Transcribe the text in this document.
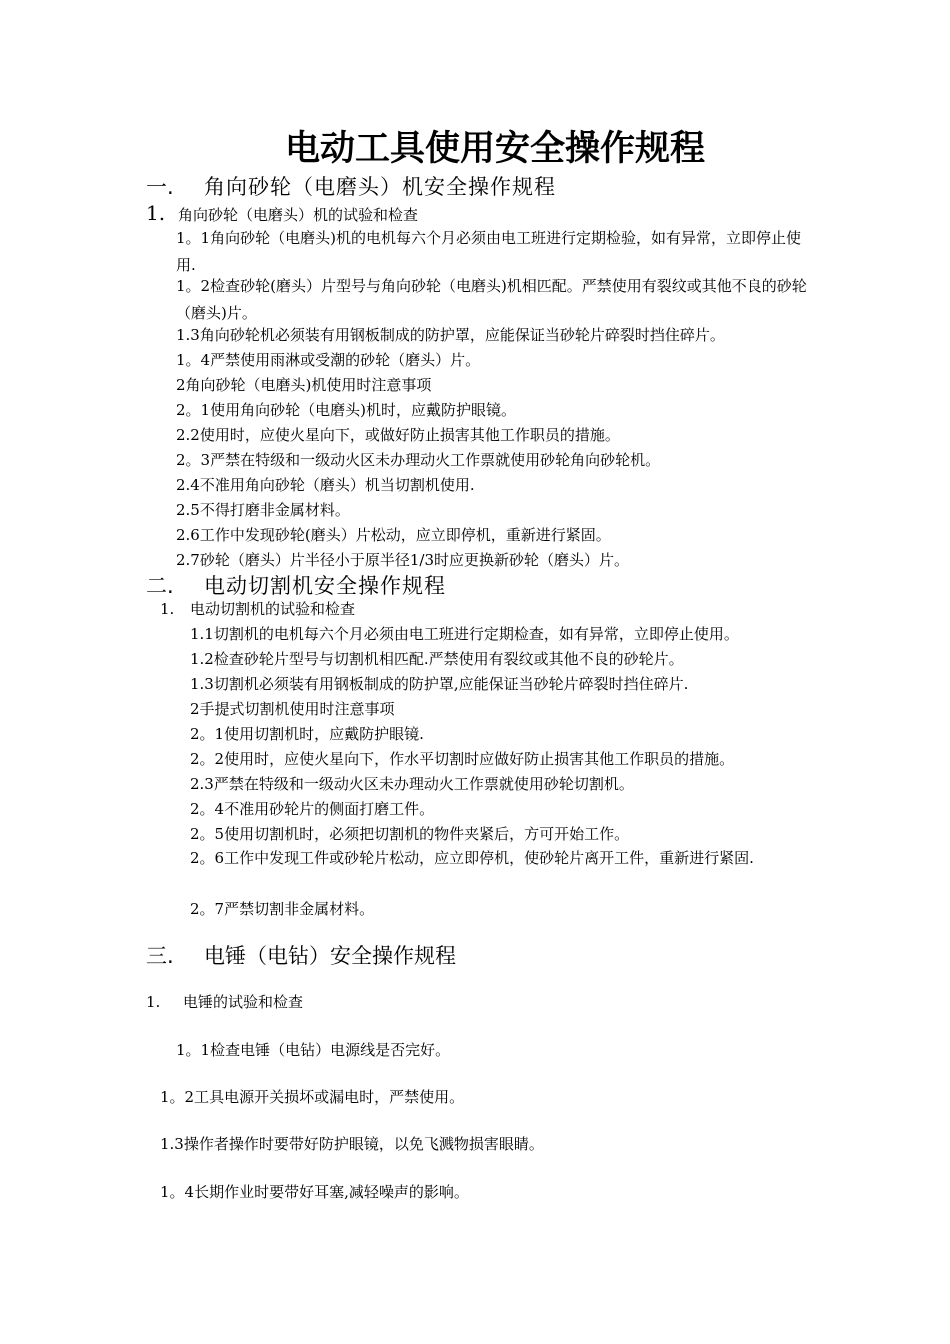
电动工具使用安全操作规程
一. 角向砂轮（电磨头）机安全操作规程
1. 角向砂轮（电磨头）机的试验和检查
1。1角向砂轮（电磨头)机的电机每六个月必须由电工班进行定期检验，如有异常，立即停止使用.
1。2检查砂轮(磨头）片型号与角向砂轮（电磨头)机相匹配。严禁使用有裂纹或其他不良的砂轮（磨头)片。
1.3角向砂轮机必须装有用钢板制成的防护罩，应能保证当砂轮片碎裂时挡住碎片。
1。4严禁使用雨淋或受潮的砂轮（磨头）片。
2角向砂轮（电磨头)机使用时注意事项
2。1使用角向砂轮（电磨头)机时，应戴防护眼镜。
2.2使用时，应使火星向下，或做好防止损害其他工作职员的措施。
2。3严禁在特级和一级动火区未办理动火工作票就使用砂轮角向砂轮机。
2.4不准用角向砂轮（磨头）机当切割机使用.
2.5不得打磨非金属材料。
2.6工作中发现砂轮(磨头）片松动，应立即停机，重新进行紧固。
2.7砂轮（磨头）片半径小于原半径1/3时应更换新砂轮（磨头）片。
二. 电动切割机安全操作规程
1. 电动切割机的试验和检查
1.1切割机的电机每六个月必须由电工班进行定期检查，如有异常，立即停止使用。
1.2检查砂轮片型号与切割机相匹配.严禁使用有裂纹或其他不良的砂轮片。
1.3切割机必须装有用钢板制成的防护罩,应能保证当砂轮片碎裂时挡住碎片.
2手提式切割机使用时注意事项
2。1使用切割机时，应戴防护眼镜.
2。2使用时，应使火星向下，作水平切割时应做好防止损害其他工作职员的措施。
2.3严禁在特级和一级动火区未办理动火工作票就使用砂轮切割机。
2。4不准用砂轮片的侧面打磨工件。
2。5使用切割机时，必须把切割机的物件夹紧后，方可开始工作。
2。6工作中发现工件或砂轮片松动，应立即停机，使砂轮片离开工件，重新进行紧固.
2。7严禁切割非金属材料。
三. 电锤（电钻）安全操作规程
1. 电锤的试验和检查
1。1检查电锤（电钻）电源线是否完好。
1。2工具电源开关损坏或漏电时，严禁使用。
1.3操作者操作时要带好防护眼镜，以免飞溅物损害眼睛。
1。4长期作业时要带好耳塞,减轻噪声的影响。
